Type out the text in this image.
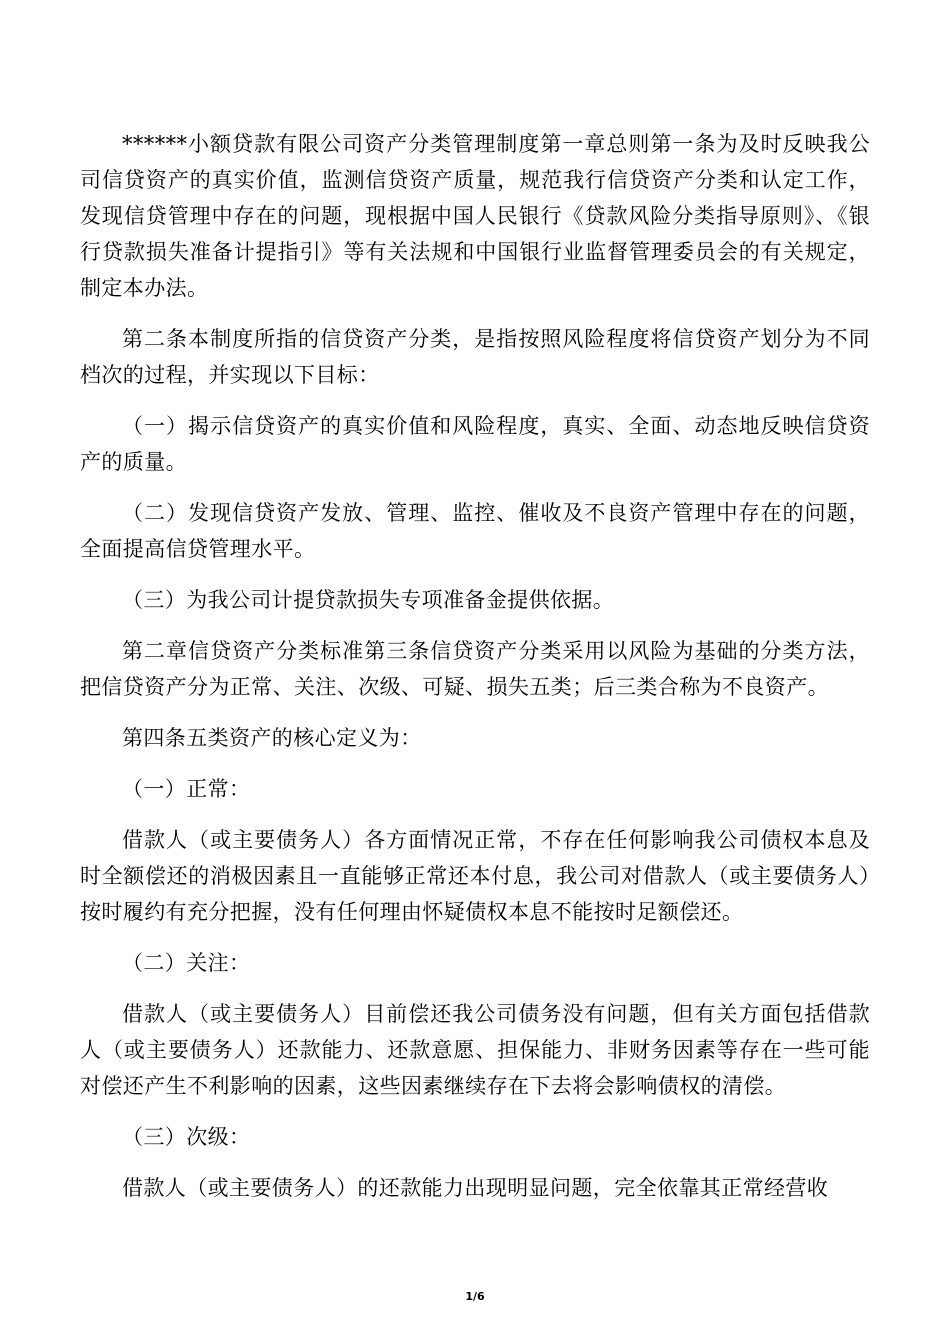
******小额贷款有限公司资产分类管理制度第一章总则第一条为及时反映我公司信贷资产的真实价值，监测信贷资产质量，规范我行信贷资产分类和认定工作，发现信贷管理中存在的问题，现根据中国人民银行《贷款风险分类指导原则》、《银行贷款损失准备计提指引》等有关法规和中国银行业监督管理委员会的有关规定，制定本办法。

第二条本制度所指的信贷资产分类，是指按照风险程度将信贷资产划分为不同档次的过程，并实现以下目标：

（一）揭示信贷资产的真实价值和风险程度，真实、全面、动态地反映信贷资产的质量。

（二）发现信贷资产发放、管理、监控、催收及不良资产管理中存在的问题，全面提高信贷管理水平。

（三）为我公司计提贷款损失专项准备金提供依据。

第二章信贷资产分类标准第三条信贷资产分类采用以风险为基础的分类方法，把信贷资产分为正常、关注、次级、可疑、损失五类；后三类合称为不良资产。

第四条五类资产的核心定义为：

（一）正常：

借款人（或主要债务人）各方面情况正常，不存在任何影响我公司债权本息及时全额偿还的消极因素且一直能够正常还本付息，我公司对借款人（或主要债务人）按时履约有充分把握，没有任何理由怀疑债权本息不能按时足额偿还。

（二）关注：

借款人（或主要债务人）目前偿还我公司债务没有问题，但有关方面包括借款人（或主要债务人）还款能力、还款意愿、担保能力、非财务因素等存在一些可能对偿还产生不利影响的因素，这些因素继续存在下去将会影响债权的清偿。

（三）次级：

借款人（或主要债务人）的还款能力出现明显问题，完全依靠其正常经营收

1/6
